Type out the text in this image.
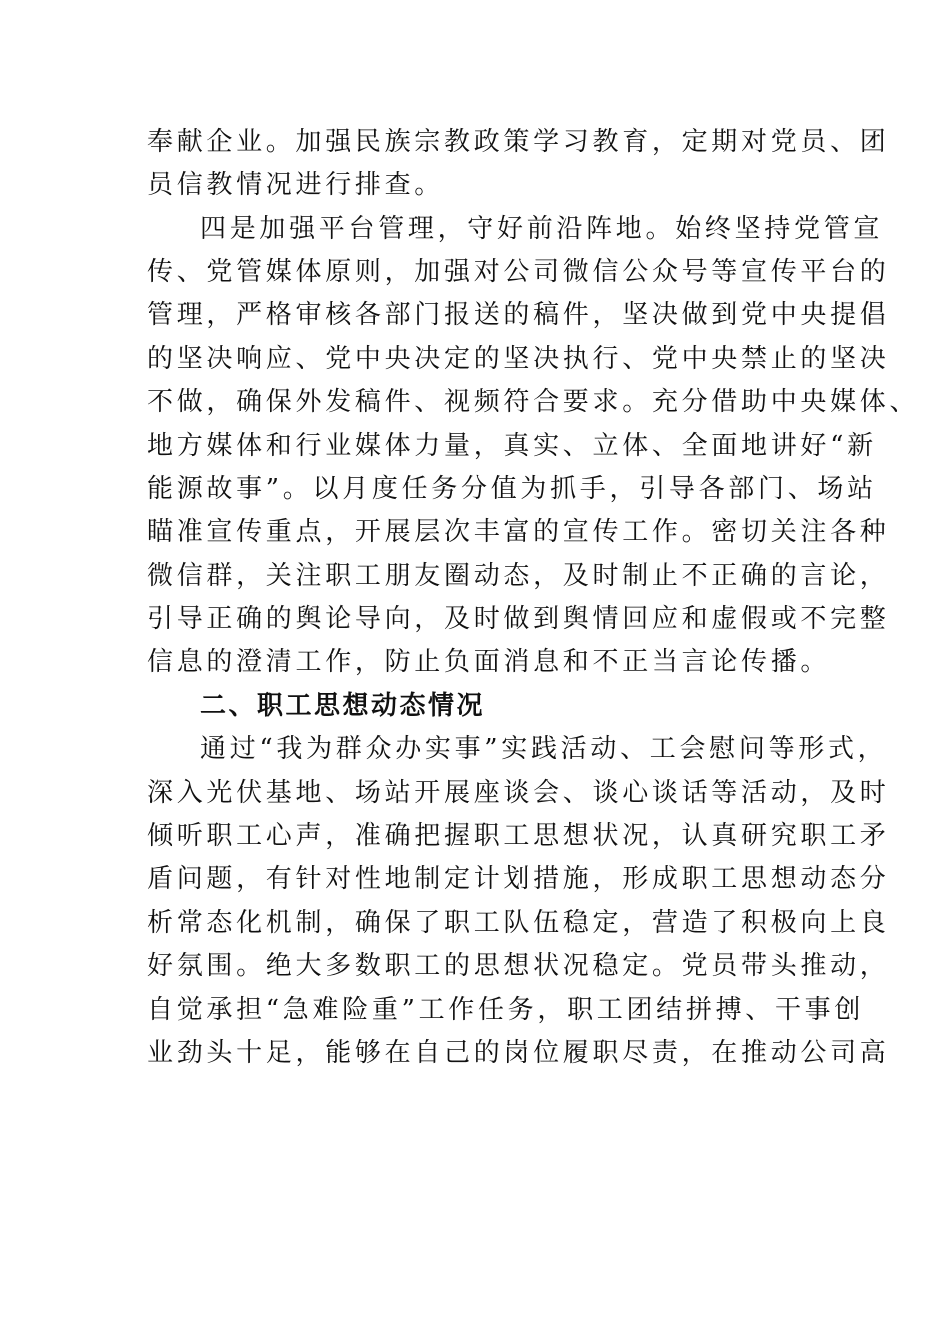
奉献企业。加强民族宗教政策学习教育，定期对党员、团
员信教情况进行排查。
四是加强平台管理，守好前沿阵地。始终坚持党管宣
传、党管媒体原则，加强对公司微信公众号等宣传平台的
管理，严格审核各部门报送的稿件，坚决做到党中央提倡
的坚决响应、党中央决定的坚决执行、党中央禁止的坚决
不做，确保外发稿件、视频符合要求。充分借助中央媒体、
地方媒体和行业媒体力量，真实、立体、全面地讲好“新
能源故事”。以月度任务分值为抓手，引导各部门、场站
瞄准宣传重点，开展层次丰富的宣传工作。密切关注各种
微信群，关注职工朋友圈动态，及时制止不正确的言论，
引导正确的舆论导向，及时做到舆情回应和虚假或不完整
信息的澄清工作，防止负面消息和不正当言论传播。
二、职工思想动态情况
通过“我为群众办实事”实践活动、工会慰问等形式，
深入光伏基地、场站开展座谈会、谈心谈话等活动，及时
倾听职工心声，准确把握职工思想状况，认真研究职工矛
盾问题，有针对性地制定计划措施，形成职工思想动态分
析常态化机制，确保了职工队伍稳定，营造了积极向上良
好氛围。绝大多数职工的思想状况稳定。党员带头推动，
自觉承担“急难险重”工作任务，职工团结拼搏、干事创
业劲头十足，能够在自己的岗位履职尽责，在推动公司高
